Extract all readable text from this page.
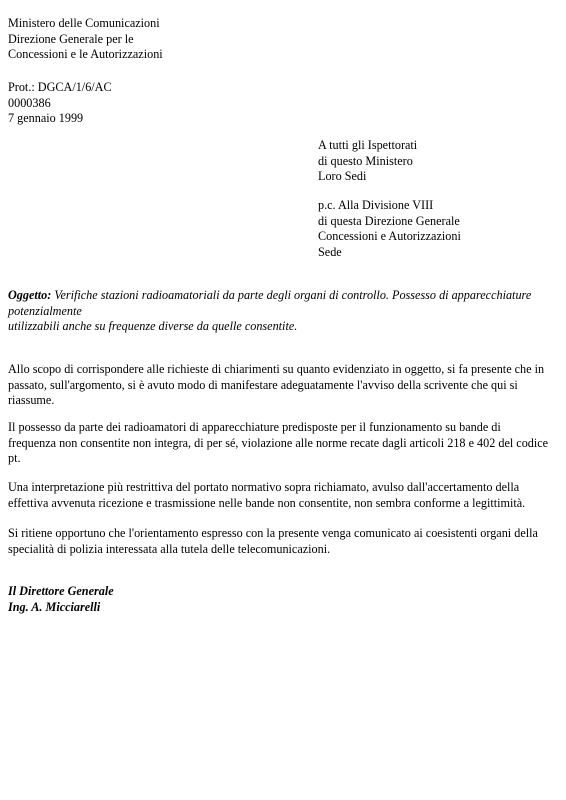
Ministero delle Comunicazioni
Direzione Generale per le
Concessioni e le Autorizzazioni
Prot.: DGCA/1/6/AC
0000386
7 gennaio 1999
A tutti gli Ispettorati
di questo Ministero
Loro Sedi
p.c. Alla Divisione VIII
di questa Direzione Generale
Concessioni e Autorizzazioni
Sede
Oggetto: Verifiche stazioni radioamatoriali da parte degli organi di controllo. Possesso di apparecchiature
potenzialmente
utilizzabili anche su frequenze diverse da quelle consentite.
Allo scopo di corrispondere alle richieste di chiarimenti su quanto evidenziato in oggetto, si fa presente che in
passato, sull'argomento, si è avuto modo di manifestare adeguatamente l'avviso della scrivente che qui si
riassume.
Il possesso da parte dei radioamatori di apparecchiature predisposte per il funzionamento su bande di
frequenza non consentite non integra, di per sé, violazione alle norme recate dagli articoli 218 e 402 del codice
pt.
Una interpretazione più restrittiva del portato normativo sopra richiamato, avulso dall'accertamento della
effettiva avvenuta ricezione e trasmissione nelle bande non consentite, non sembra conforme a legittimità.
Si ritiene opportuno che l'orientamento espresso con la presente venga comunicato ai coesistenti organi della
specialità di polizia interessata alla tutela delle telecomunicazioni.
Il Direttore Generale
Ing. A. Micciarelli
